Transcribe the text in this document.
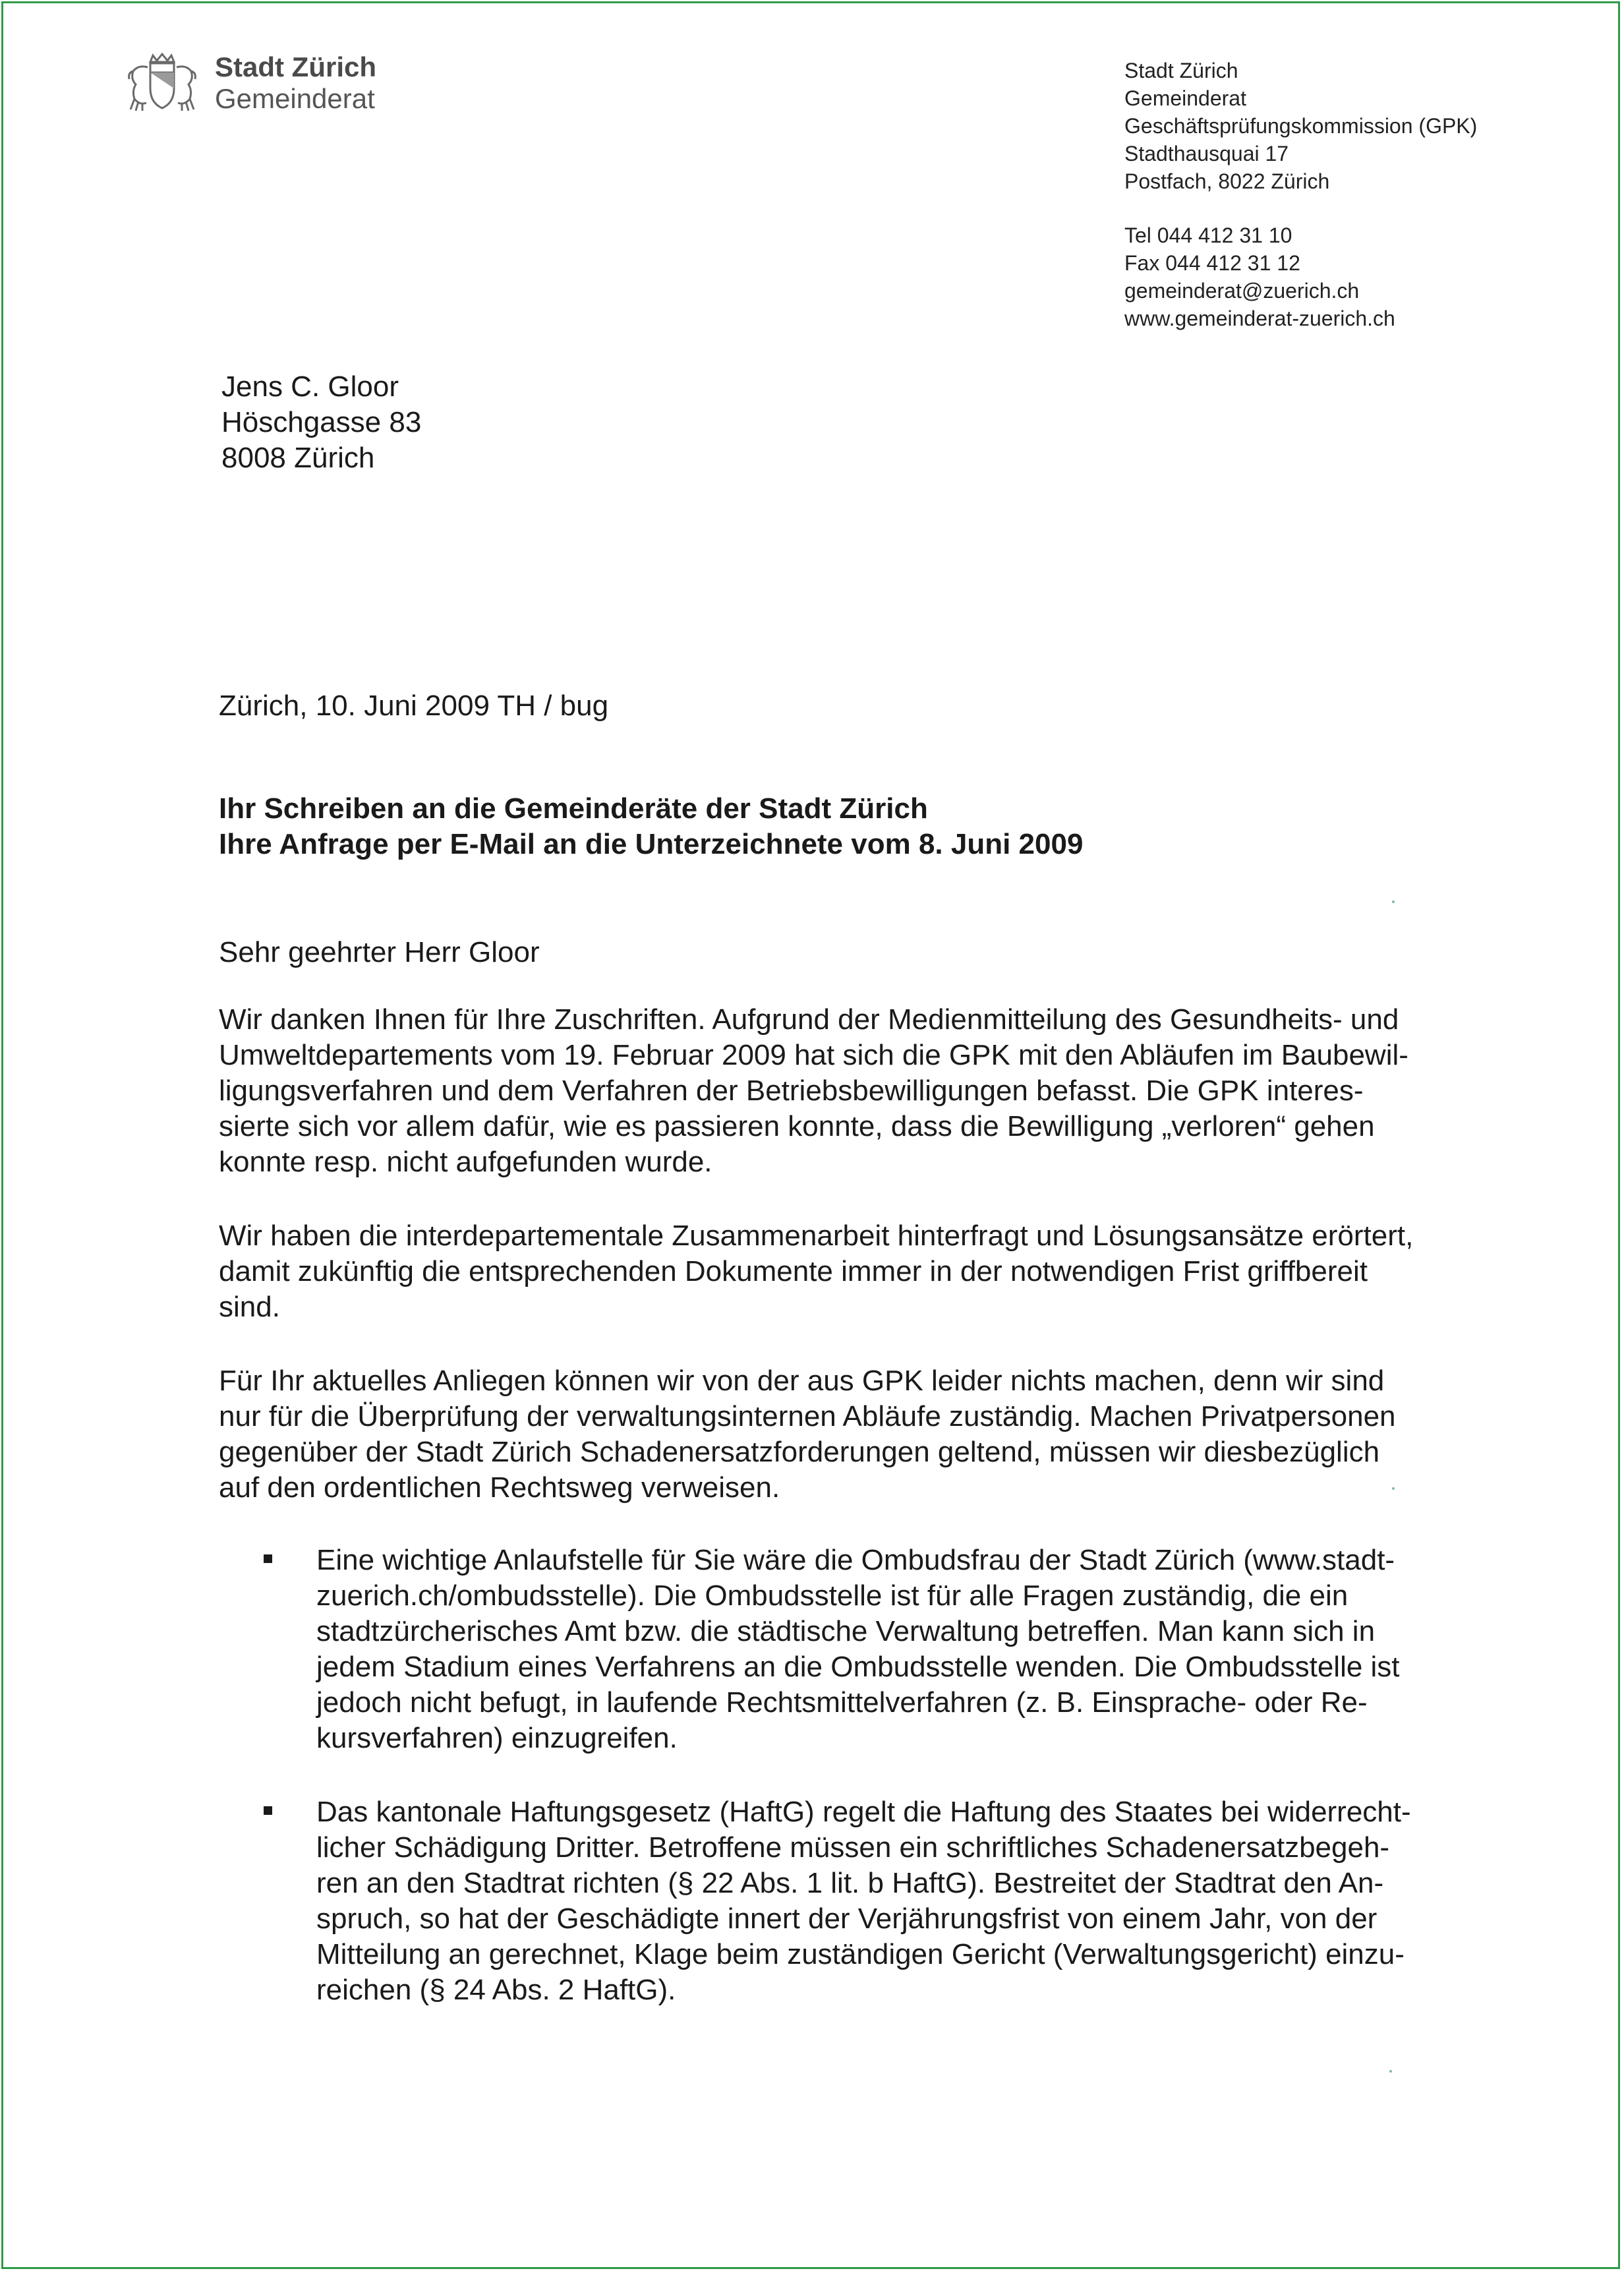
Stadt Zürich
Gemeinderat
Stadt Zürich
Gemeinderat
Geschäftsprüfungskommission (GPK)
Stadthausquai 17
Postfach, 8022 Zürich
Tel 044 412 31 10
Fax 044 412 31 12
gemeinderat@zuerich.ch
www.gemeinderat-zuerich.ch
Jens C. Gloor
Höschgasse 83
8008 Zürich
Zürich, 10. Juni 2009 TH / bug
Ihr Schreiben an die Gemeinderäte der Stadt Zürich
Ihre Anfrage per E-Mail an die Unterzeichnete vom 8. Juni 2009
Sehr geehrter Herr Gloor
Wir danken Ihnen für Ihre Zuschriften. Aufgrund der Medienmitteilung des Gesundheits- und
Umweltdepartements vom 19. Februar 2009 hat sich die GPK mit den Abläufen im Baubewil-
ligungsverfahren und dem Verfahren der Betriebsbewilligungen befasst. Die GPK interes-
sierte sich vor allem dafür, wie es passieren konnte, dass die Bewilligung „verloren“ gehen
konnte resp. nicht aufgefunden wurde.
Wir haben die interdepartementale Zusammenarbeit hinterfragt und Lösungsansätze erörtert,
damit zukünftig die entsprechenden Dokumente immer in der notwendigen Frist griffbereit
sind.
Für Ihr aktuelles Anliegen können wir von der aus GPK leider nichts machen, denn wir sind
nur für die Überprüfung der verwaltungsinternen Abläufe zuständig. Machen Privatpersonen
gegenüber der Stadt Zürich Schadenersatzforderungen geltend, müssen wir diesbezüglich
auf den ordentlichen Rechtsweg verweisen.
Eine wichtige Anlaufstelle für Sie wäre die Ombudsfrau der Stadt Zürich (www.stadt-
zuerich.ch/ombudsstelle). Die Ombudsstelle ist für alle Fragen zuständig, die ein
stadtzürcherisches Amt bzw. die städtische Verwaltung betreffen. Man kann sich in
jedem Stadium eines Verfahrens an die Ombudsstelle wenden. Die Ombudsstelle ist
jedoch nicht befugt, in laufende Rechtsmittelverfahren (z. B. Einsprache- oder Re-
kursverfahren) einzugreifen.
Das kantonale Haftungsgesetz (HaftG) regelt die Haftung des Staates bei widerrecht-
licher Schädigung Dritter. Betroffene müssen ein schriftliches Schadenersatzbegeh-
ren an den Stadtrat richten (§ 22 Abs. 1 lit. b HaftG). Bestreitet der Stadtrat den An-
spruch, so hat der Geschädigte innert der Verjährungsfrist von einem Jahr, von der
Mitteilung an gerechnet, Klage beim zuständigen Gericht (Verwaltungsgericht) einzu-
reichen (§ 24 Abs. 2 HaftG).
